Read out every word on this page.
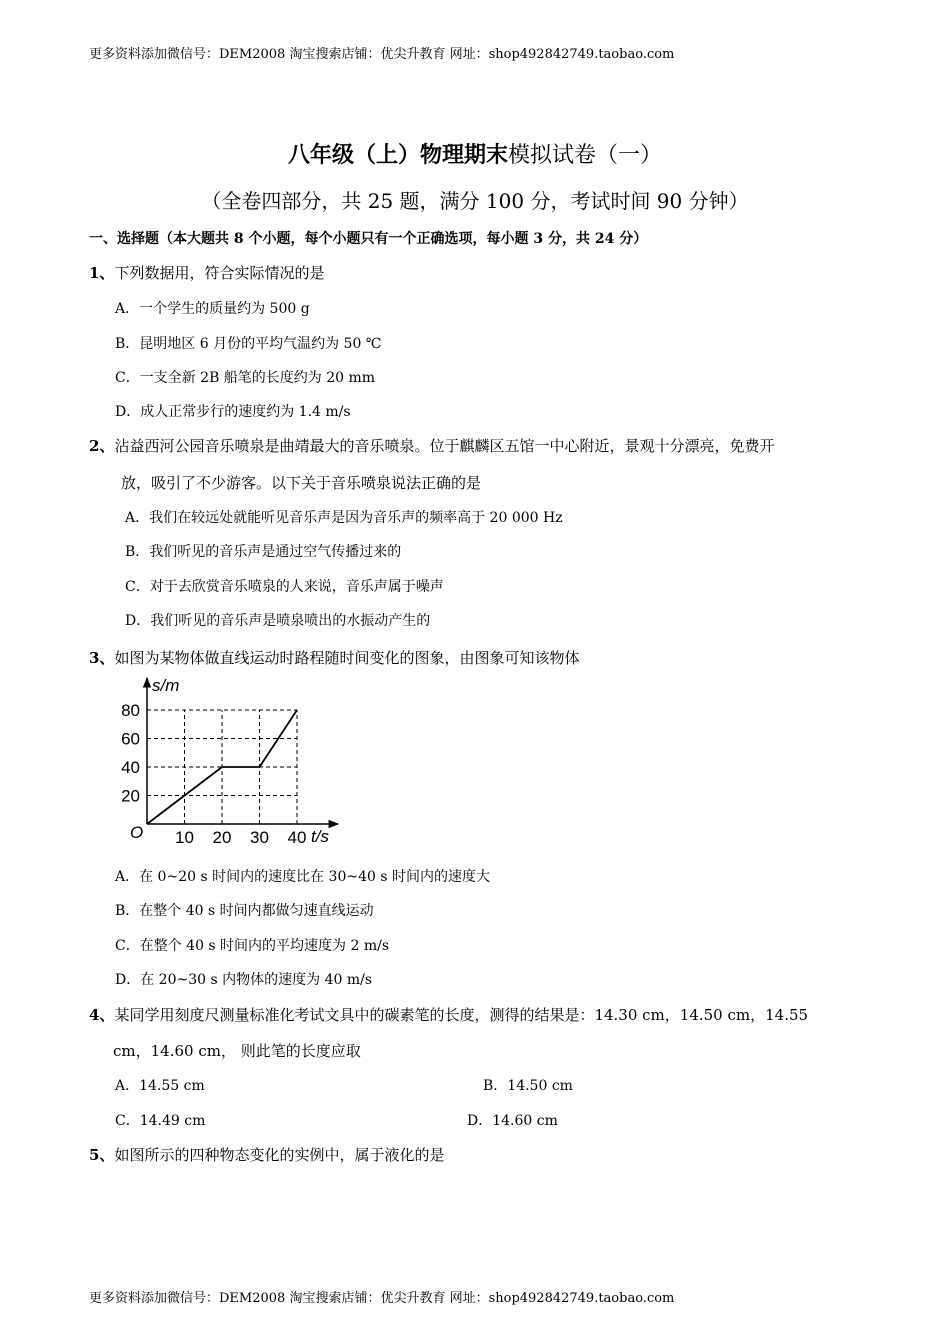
更多资料添加微信号：DEM2008 淘宝搜索店铺：优尖升教育 网址：shop492842749.taobao.com
八年级（上）物理期末模拟试卷（一）
（全卷四部分，共 25 题，满分 100 分，考试时间 90 分钟）
一、选择题（本大题共 8 个小题，每个小题只有一个正确选项，每小题 3 分，共 24 分）
1、下列数据用，符合实际情况的是
A．一个学生的质量约为 500 g
B．昆明地区 6 月份的平均气温约为 50 ℃
C．一支全新 2B 船笔的长度约为 20 mm
D．成人正常步行的速度约为 1.4 m/s
2、沾益西河公园音乐喷泉是曲靖最大的音乐喷泉。位于麒麟区五馆一中心附近，景观十分漂亮，免费开
放，吸引了不少游客。以下关于音乐喷泉说法正确的是
A．我们在较远处就能听见音乐声是因为音乐声的频率高于 20 000 Hz
B．我们听见的音乐声是通过空气传播过来的
C．对于去欣赏音乐喷泉的人来说，音乐声属于噪声
D．我们听见的音乐声是喷泉喷出的水振动产生的
3、如图为某物体做直线运动时路程随时间变化的图象，由图象可知该物体
20
40
60
80
10 20 30 40
O
s/m
t/s
A．在 0~20 s 时间内的速度比在 30~40 s 时间内的速度大
B．在整个 40 s 时间内都做匀速直线运动
C．在整个 40 s 时间内的平均速度为 2 m/s
D．在 20~30 s 内物体的速度为 40 m/s
4、某同学用刻度尺测量标准化考试文具中的碳素笔的长度，测得的结果是：14.30 cm，14.50 cm，14.55
cm，14.60 cm， 则此笔的长度应取
A．14.55 cm	B．14.50 cm
C．14.49 cm	D．14.60 cm
5、如图所示的四种物态变化的实例中，属于液化的是
更多资料添加微信号：DEM2008 淘宝搜索店铺：优尖升教育 网址：shop492842749.taobao.com
